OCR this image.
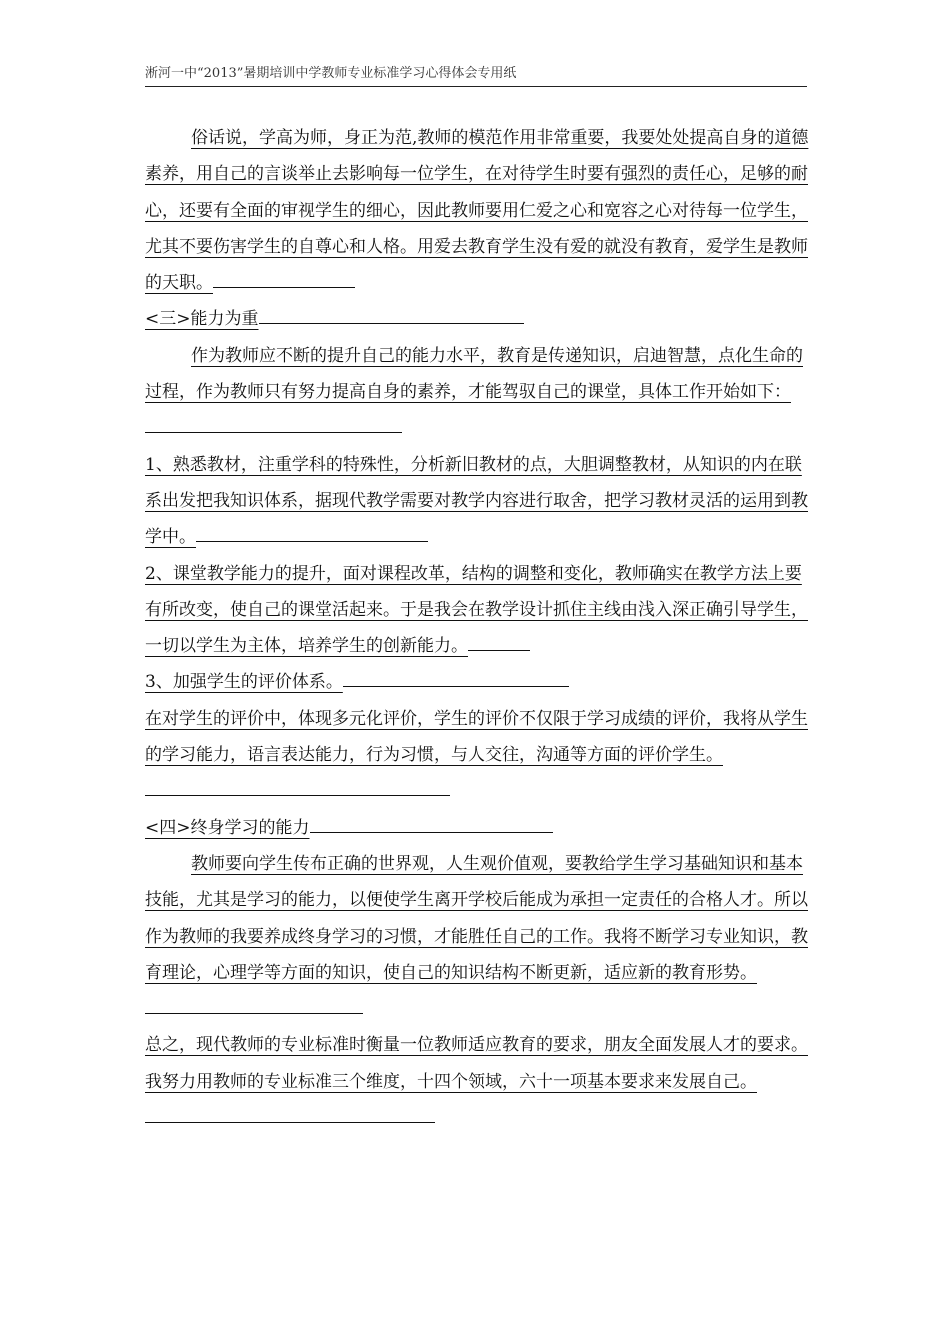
淅河一中“2013”暑期培训中学教师专业标准学习心得体会专用纸

俗话说，学高为师，身正为范,教师的模范作用非常重要，我要处处提高自身的道德素养，用自己的言谈举止去影响每一位学生，在对待学生时要有强烈的责任心，足够的耐心，还要有全面的审视学生的细心，因此教师要用仁爱之心和宽容之心对待每一位学生，尤其不要伤害学生的自尊心和人格。用爱去教育学生没有爱的就没有教育，爱学生是教师的天职。

<三>能力为重

作为教师应不断的提升自己的能力水平，教育是传递知识，启迪智慧，点化生命的过程，作为教师只有努力提高自身的素养，才能驾驭自己的课堂，具体工作开始如下：

1、熟悉教材，注重学科的特殊性，分析新旧教材的点，大胆调整教材，从知识的内在联系出发把我知识体系，据现代教学需要对教学内容进行取舍，把学习教材灵活的运用到教学中。

2、课堂教学能力的提升，面对课程改革，结构的调整和变化，教师确实在教学方法上要有所改变，使自己的课堂活起来。于是我会在教学设计抓住主线由浅入深正确引导学生，一切以学生为主体，培养学生的创新能力。

3、加强学生的评价体系。

在对学生的评价中，体现多元化评价，学生的评价不仅限于学习成绩的评价，我将从学生的学习能力，语言表达能力，行为习惯，与人交往，沟通等方面的评价学生。

<四>终身学习的能力

教师要向学生传布正确的世界观，人生观价值观，要教给学生学习基础知识和基本技能，尤其是学习的能力，以便使学生离开学校后能成为承担一定责任的合格人才。所以作为教师的我要养成终身学习的习惯，才能胜任自己的工作。我将不断学习专业知识，教育理论，心理学等方面的知识，使自己的知识结构不断更新，适应新的教育形势。

总之，现代教师的专业标准时衡量一位教师适应教育的要求，朋友全面发展人才的要求。我努力用教师的专业标准三个维度，十四个领域，六十一项基本要求来发展自己。
